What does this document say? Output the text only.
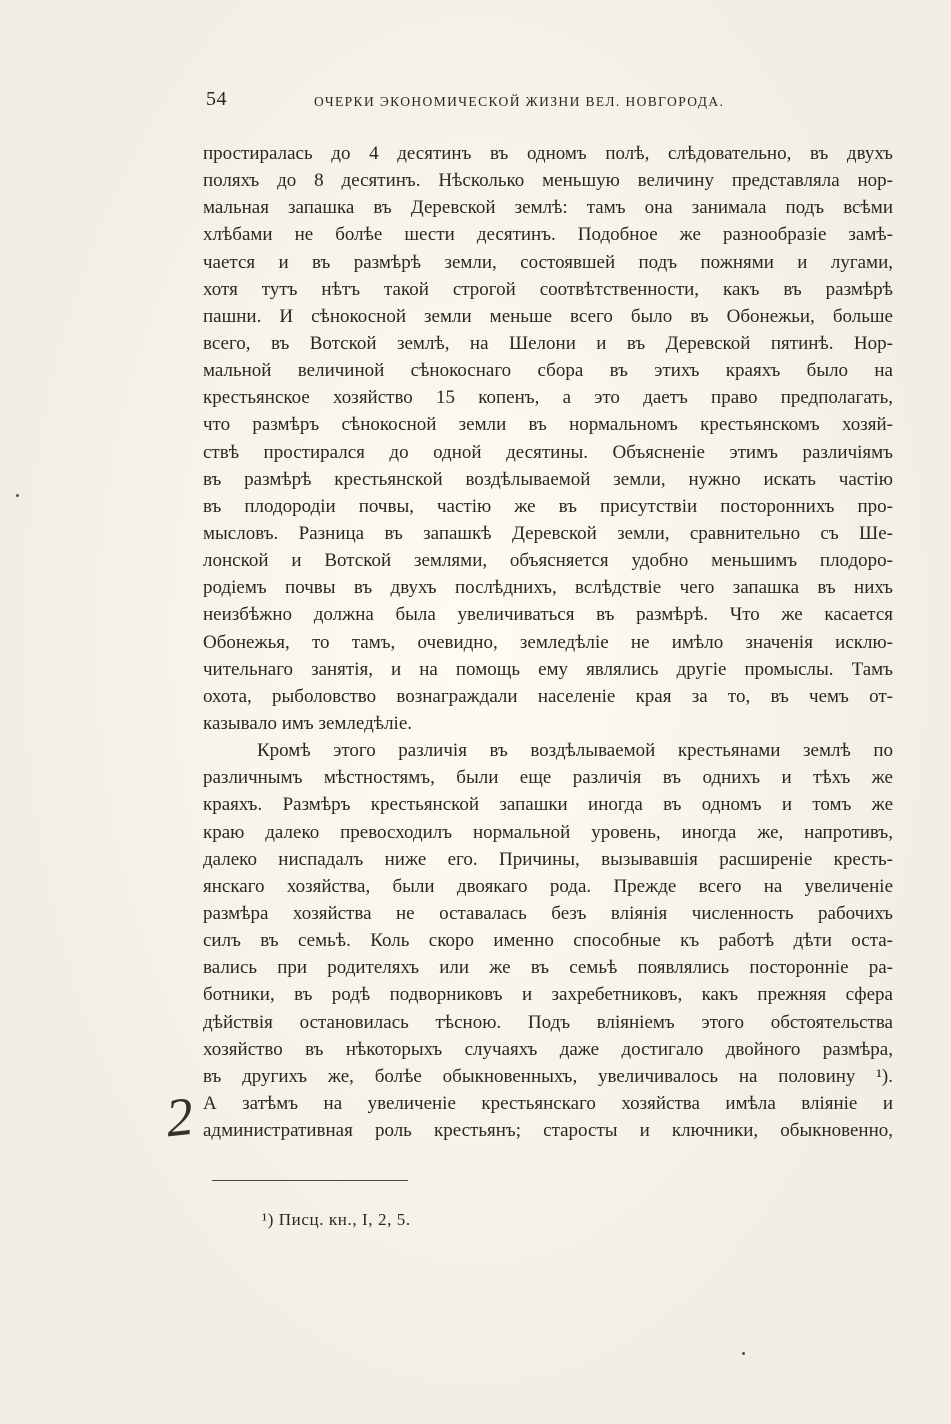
54	ОЧЕРКИ ЭКОНОМИЧЕСКОЙ ЖИЗНИ ВЕЛ. НОВГОРОДА.
простиралась до 4 десятинъ въ одномъ полѣ, слѣдовательно, въ двухъ
поляхъ до 8 десятинъ. Нѣсколько меньшую величину представляла нор-
мальная запашка въ Деревской землѣ: тамъ она занимала подъ всѣми
хлѣбами не болѣе шести десятинъ. Подобное же разнообразіе замѣ-
чается и въ размѣрѣ земли, состоявшей подъ пожнями и лугами,
хотя тутъ нѣтъ такой строгой соотвѣтственности, какъ въ размѣрѣ
пашни. И сѣнокосной земли меньше всего было въ Обонежьи, больше
всего, въ Вотской землѣ, на Шелони и въ Деревской пятинѣ. Нор-
мальной величиной сѣнокоснаго сбора въ этихъ краяхъ было на
крестьянское хозяйство 15 копенъ, а это даетъ право предполагать,
что размѣръ сѣнокосной земли въ нормальномъ крестьянскомъ хозяй-
ствѣ простирался до одной десятины. Объясненіе этимъ различіямъ
въ размѣрѣ крестьянской воздѣлываемой земли, нужно искать частію
въ плодородіи почвы, частію же въ присутствіи постороннихъ про-
мысловъ. Разница въ запашкѣ Деревской земли, сравнительно съ Ше-
лонской и Вотской землями, объясняется удобно меньшимъ плодоро-
родіемъ почвы въ двухъ послѣднихъ, вслѣдствіе чего запашка въ нихъ
неизбѣжно должна была увеличиваться въ размѣрѣ. Что же касается
Обонежья, то тамъ, очевидно, земледѣліе не имѣло значенія исклю-
чительнаго занятія, и на помощь ему являлись другіе промыслы. Тамъ
охота, рыболовство вознаграждали населеніе края за то, въ чемъ от-
казывало имъ земледѣліе.
Кромѣ этого различія въ воздѣлываемой крестьянами землѣ по
различнымъ мѣстностямъ, были еще различія въ однихъ и тѣхъ же
краяхъ. Размѣръ крестьянской запашки иногда въ одномъ и томъ же
краю далеко превосходилъ нормальной уровень, иногда же, напротивъ,
далеко ниспадалъ ниже его. Причины, вызывавшія расширеніе кресть-
янскаго хозяйства, были двоякаго рода. Прежде всего на увеличеніе
размѣра хозяйства не оставалась безъ вліянія численность рабочихъ
силъ въ семьѣ. Коль скоро именно способные къ работѣ дѣти оста-
вались при родителяхъ или же въ семьѣ появлялись посторонніе ра-
ботники, въ родѣ подворниковъ и захребетниковъ, какъ прежняя сфера
дѣйствія остановилась тѣсною. Подъ вліяніемъ этого обстоятельства
хозяйство въ нѣкоторыхъ случаяхъ даже достигало двойного размѣра,
въ другихъ же, болѣе обыкновенныхъ, увеличивалось на половину ¹).
А затѣмъ на увеличеніе крестьянскаго хозяйства имѣла вліяніе и
административная роль крестьянъ; старосты и ключники, обыкновенно,
2
¹) Писц. кн., I, 2, 5.
